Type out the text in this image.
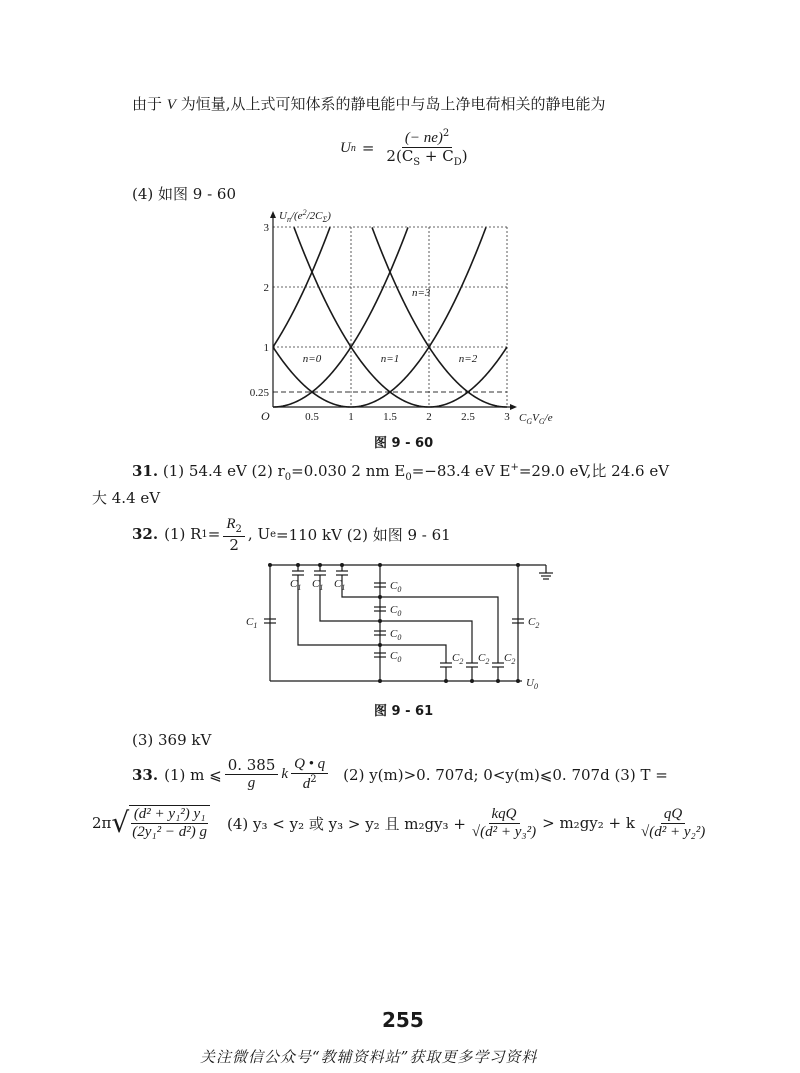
由于 V 为恒量,从上式可知体系的静电能中与岛上净电荷相关的静电能为
U $n = \frac{(- ne)^2}{2(C_S + C_D)}$
(4) 如图 9 - 60
3
2
1
0.25
0.5	1	1.5	2	2.5	3
O
$U_n/(e^2/2C_\Sigma)$
$C_GV_G/e$
n=0	n=1	n=2
n=3
图 9 - 60
31. (1) 54.4 eV (2) $r_0=0.030$ 2 nm $E_0=-83.4$ eV E+=29.0 eV,比 24.6 eV
大 4.4 eV
32. (1) R $1 = \frac{R_2}{2}$ , U e =110 kV (2) 如图 9 - 61
$C_1$
$C_1$ $C_1$ $C_1$	$C_0$
$C_0$
$C_0$
$C_0$
$C_2$
$C_2$ $C_2$ $C_2$
$U_0$
图 9 - 61
(3) 369 kV
33. (1) m ⩽ $\frac{0. 385}{g}$ k $\frac{Q • q}{d^2} (2)$ y(m)>0. 707d; 0<y(m)⩽0. 707d (3) T =
2π √ $\frac{\text{(d² + y₁²) y₁}}{\text{(2y₁² − d²) g}} (4) y_3 < y_2$ 或 y₃ > y₂ 且 $m_2gy_3 + \frac{\text{kqQ}}{\text{√(d² + y₃²)}} > m_2gy_2 + k \frac{qQ}{\text{√(d² + y₂²)}}$
255
关注微信公众号“教辅资料站”获取更多学习资料
